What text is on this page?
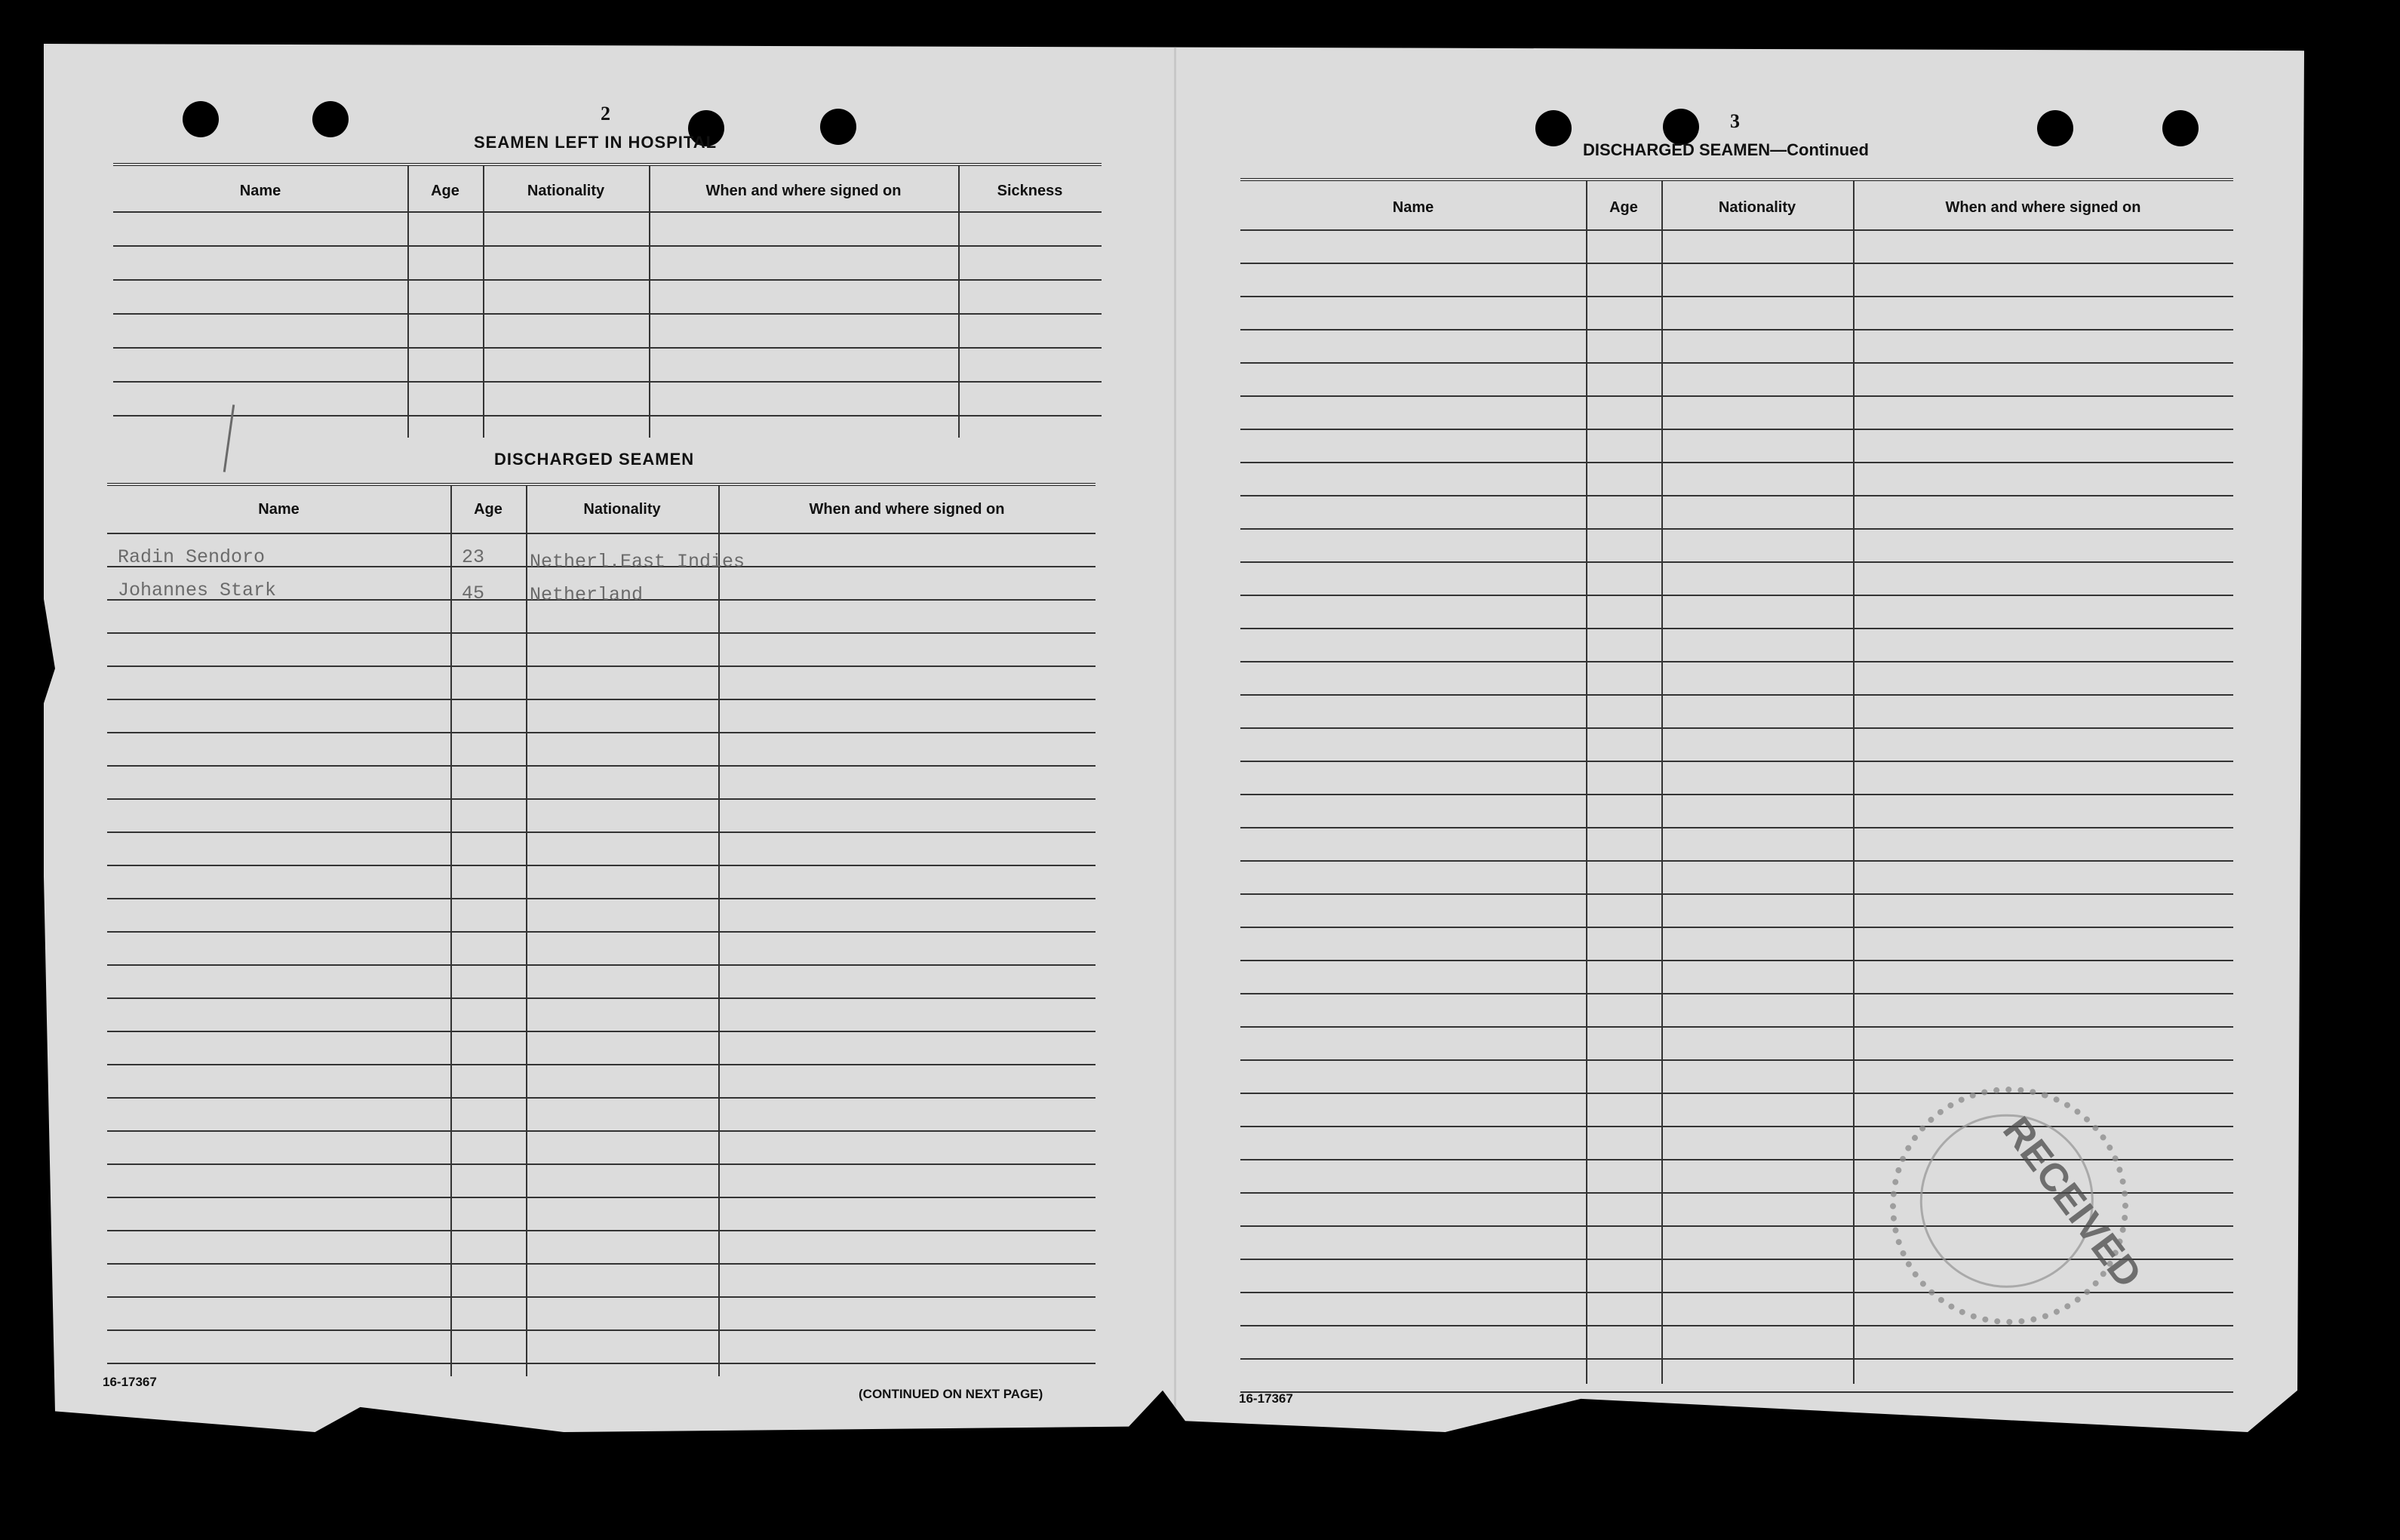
2
SEAMEN LEFT IN HOSPITAL
Name	Age	Nationality	When and where signed on	Sickness
DISCHARGED SEAMEN
Name	Age	Nationality	When and where signed on
Radin Sendoro	23 Netherl.East Indies
Johannes Stark	45 Netherland
16-17367
(CONTINUED ON NEXT PAGE)
3
DISCHARGED SEAMEN—Continued
Name	Age	Nationality	When and where signed on
16-17367
RECEIVED
